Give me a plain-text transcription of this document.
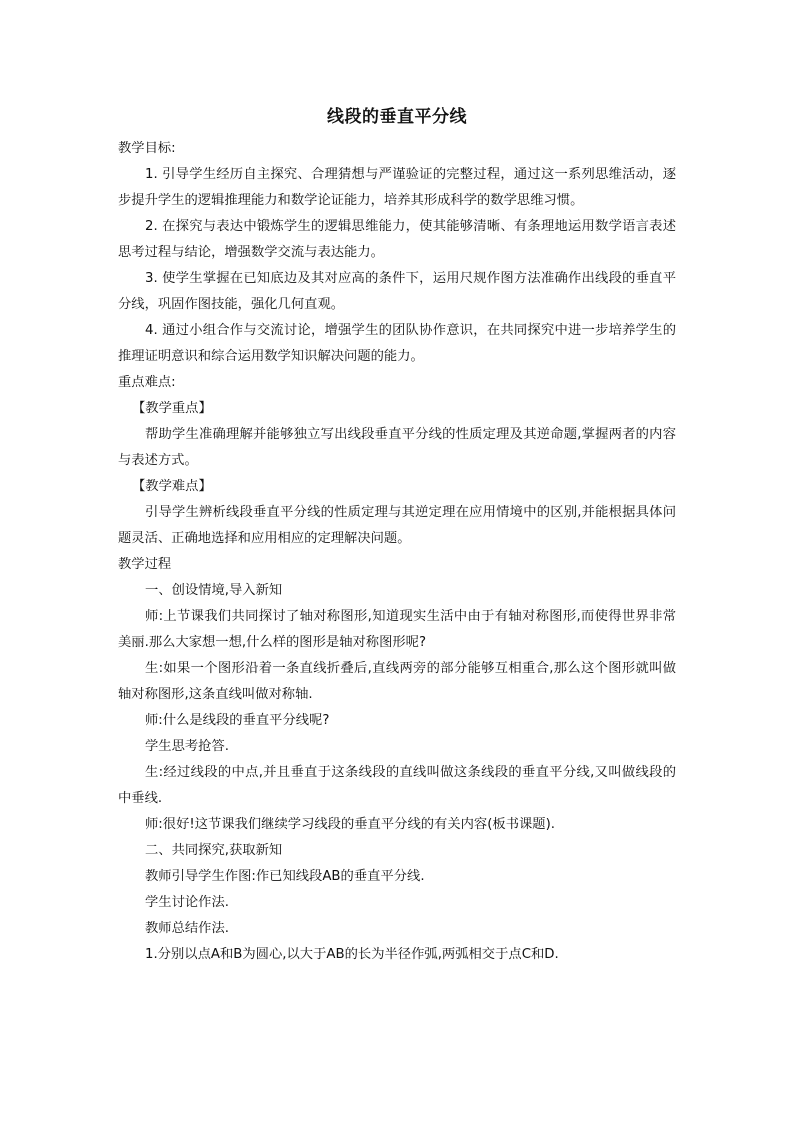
线段的垂直平分线

教学目标:

1. 引导学生经历自主探究、合理猜想与严谨验证的完整过程，通过这一系列思维活动，逐步提升学生的逻辑推理能力和数学论证能力，培养其形成科学的数学思维习惯。

2. 在探究与表达中锻炼学生的逻辑思维能力，使其能够清晰、有条理地运用数学语言表述思考过程与结论，增强数学交流与表达能力。

3. 使学生掌握在已知底边及其对应高的条件下，运用尺规作图方法准确作出线段的垂直平分线，巩固作图技能，强化几何直观。

4. 通过小组合作与交流讨论，增强学生的团队协作意识，在共同探究中进一步培养学生的推理证明意识和综合运用数学知识解决问题的能力。

重点难点:

【教学重点】

帮助学生准确理解并能够独立写出线段垂直平分线的性质定理及其逆命题,掌握两者的内容与表述方式。

【教学难点】

引导学生辨析线段垂直平分线的性质定理与其逆定理在应用情境中的区别,并能根据具体问题灵活、正确地选择和应用相应的定理解决问题。

教学过程

一、创设情境,导入新知

师:上节课我们共同探讨了轴对称图形,知道现实生活中由于有轴对称图形,而使得世界非常美丽.那么大家想一想,什么样的图形是轴对称图形呢?

生:如果一个图形沿着一条直线折叠后,直线两旁的部分能够互相重合,那么这个图形就叫做轴对称图形,这条直线叫做对称轴.

师:什么是线段的垂直平分线呢?

学生思考抢答.

生:经过线段的中点,并且垂直于这条线段的直线叫做这条线段的垂直平分线,又叫做线段的中垂线.

师:很好!这节课我们继续学习线段的垂直平分线的有关内容(板书课题).

二、共同探究,获取新知

教师引导学生作图:作已知线段AB的垂直平分线.

学生讨论作法.

教师总结作法.

1.分别以点A和B为圆心,以大于AB的长为半径作弧,两弧相交于点C和D.
